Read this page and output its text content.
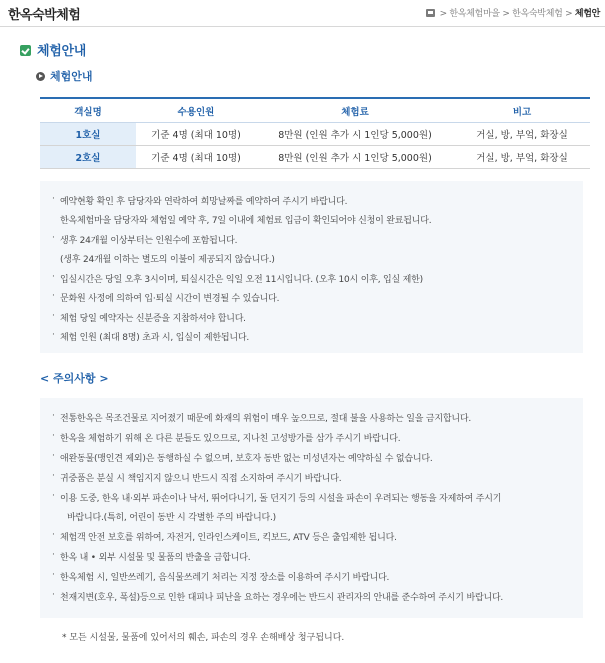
한옥숙박체험	> 한옥체험마을 > 한옥숙박체험 > 체험안
체험안내
체험안내
객실명	수용인원	체험료	비고
1호실	기준 4명 (최대 10명)	8만원 (인원 추가 시 1인당 5,000원)	거실, 방, 부엌, 화장실
2호실	기준 4명 (최대 10명)	8만원 (인원 추가 시 1인당 5,000원)	거실, 방, 부엌, 화장실
· 예약현황 확인 후 담당자와 연락하여 희망날짜를 예약하여 주시기 바랍니다.
한옥체험마을 담당자와 체험일 예약 후, 7일 이내에 체험료 입금이 확인되어야 신청이 완료됩니다.
· 생후 24개월 이상부터는 인원수에 포함됩니다.
(생후 24개월 이하는 별도의 이불이 제공되지 않습니다.)
· 입실시간은 당일 오후 3시이며, 퇴실시간은 익일 오전 11시입니다. (오후 10시 이후, 입실 제한)
· 문화원 사정에 의하여 입·퇴실 시간이 변경될 수 있습니다.
· 체험 당일 예약자는 신분증을 지참하셔야 합니다.
· 체험 인원 (최대 8명) 초과 시, 입실이 제한됩니다.
< 주의사항 >
· 전통한옥은 목조건물로 지어졌기 때문에 화재의 위험이 매우 높으므로, 절대 불을 사용하는 일을 금지합니다.
· 한옥을 체험하기 위해 온 다른 분들도 있으므로, 지나친 고성방가를 삼가 주시기 바랍니다.
· 애완동물(맹인견 제외)은 동행하실 수 없으며, 보호자 동반 없는 미성년자는 예약하실 수 없습니다.
· 귀중품은 분실 시 책임지지 않으니 반드시 직접 소지하여 주시기 바랍니다.
· 이용 도중, 한옥 내·외부 파손이나 낙서, 뛰어다니기, 돌 던지기 등의 시설을 파손이 우려되는 행동을 자제하여 주시기
바랍니다.(특히, 어린이 동반 시 각별한 주의 바랍니다.)
· 체험객 안전 보호를 위하여, 자전거, 인라인스케이트, 킥보드, ATV 등은 출입제한 됩니다.
· 한옥 내 • 외부 시설물 및 물품의 반출을 금합니다.
· 한옥체험 시, 일반쓰레기, 음식물쓰레기 처리는 지정 장소를 이용하여 주시기 바랍니다.
· 천재지변(호우, 폭설)등으로 인한 대피나 피난을 요하는 경우에는 반드시 관리자의 안내를 준수하여 주시기 바랍니다.
* 모든 시설물, 물품에 있어서의 훼손, 파손의 경우 손해배상 청구됩니다.
